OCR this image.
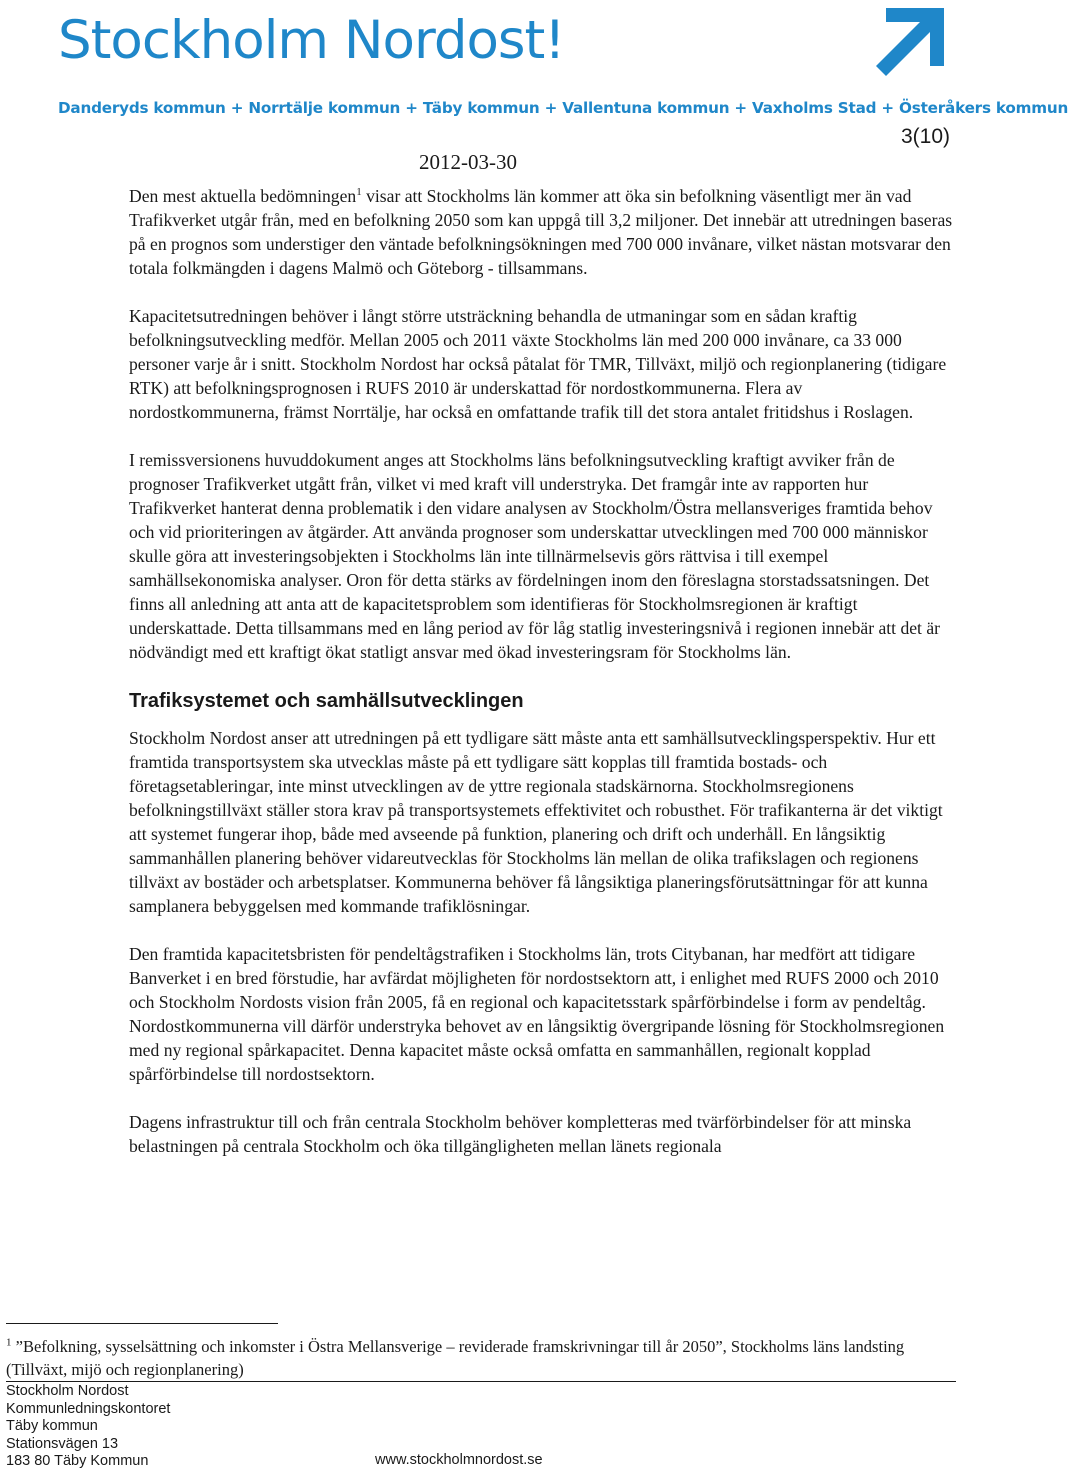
Stockholm Nordost!
Danderyds kommun + Norrtälje kommun + Täby kommun + Vallentuna kommun + Vaxholms Stad + Österåkers kommun
3(10)
2012-03-30

Den mest aktuella bedömningen$^1$ visar att Stockholms län kommer att öka sin befolkning väsentligt mer än vad Trafikverket utgår från, med en befolkning 2050 som kan uppgå till 3,2 miljoner. Det innebär att utredningen baseras på en prognos som understiger den väntade befolkningsökningen med 700 000 invånare, vilket nästan motsvarar den totala folkmängden i dagens Malmö och Göteborg - tillsammans.

Kapacitetsutredningen behöver i långt större utsträckning behandla de utmaningar som en sådan kraftig befolkningsutveckling medför. Mellan 2005 och 2011 växte Stockholms län med 200 000 invånare, ca 33 000 personer varje år i snitt. Stockholm Nordost har också påtalat för TMR, Tillväxt, miljö och regionplanering (tidigare RTK) att befolkningsprognosen i RUFS 2010 är underskattad för nordostkommunerna. Flera av nordostkommunerna, främst Norrtälje, har också en omfattande trafik till det stora antalet fritidshus i Roslagen.

I remissversionens huvuddokument anges att Stockholms läns befolkningsutveckling kraftigt avviker från de prognoser Trafikverket utgått från, vilket vi med kraft vill understryka. Det framgår inte av rapporten hur Trafikverket hanterat denna problematik i den vidare analysen av Stockholm/Östra mellansveriges framtida behov och vid prioriteringen av åtgärder. Att använda prognoser som underskattar utvecklingen med 700 000 människor skulle göra att investeringsobjekten i Stockholms län inte tillnärmelsevis görs rättvisa i till exempel samhällsekonomiska analyser. Oron för detta stärks av fördelningen inom den föreslagna storstadssatsningen. Det finns all anledning att anta att de kapacitetsproblem som identifieras för Stockholmsregionen är kraftigt underskattade. Detta tillsammans med en lång period av för låg statlig investeringsnivå i regionen innebär att det är nödvändigt med ett kraftigt ökat statligt ansvar med ökad investeringsram för Stockholms län.

Trafiksystemet och samhällsutvecklingen

Stockholm Nordost anser att utredningen på ett tydligare sätt måste anta ett samhällsutvecklingsperspektiv. Hur ett framtida transportsystem ska utvecklas måste på ett tydligare sätt kopplas till framtida bostads- och företagsetableringar, inte minst utvecklingen av de yttre regionala stadskärnorna. Stockholmsregionens befolkningstillväxt ställer stora krav på transportsystemets effektivitet och robusthet. För trafikanterna är det viktigt att systemet fungerar ihop, både med avseende på funktion, planering och drift och underhåll. En långsiktig sammanhållen planering behöver vidareutvecklas för Stockholms län mellan de olika trafikslagen och regionens tillväxt av bostäder och arbetsplatser. Kommunerna behöver få långsiktiga planeringsförutsättningar för att kunna samplanera bebyggelsen med kommande trafiklösningar.

Den framtida kapacitetsbristen för pendeltågstrafiken i Stockholms län, trots Citybanan, har medfört att tidigare Banverket i en bred förstudie, har avfärdat möjligheten för nordostsektorn att, i enlighet med RUFS 2000 och 2010 och Stockholm Nordosts vision från 2005, få en regional och kapacitetsstark spårförbindelse i form av pendeltåg. Nordostkommunerna vill därför understryka behovet av en långsiktig övergripande lösning för Stockholmsregionen med ny regional spårkapacitet. Denna kapacitet måste också omfatta en sammanhållen, regionalt kopplad spårförbindelse till nordostsektorn.

Dagens infrastruktur till och från centrala Stockholm behöver kompletteras med tvärförbindelser för att minska belastningen på centrala Stockholm och öka tillgängligheten mellan länets regionala

$^1$ ”Befolkning, sysselsättning och inkomster i Östra Mellansverige – reviderade framskrivningar till år 2050”, Stockholms läns landsting (Tillväxt, mijö och regionplanering)
Stockholm Nordost
Kommunledningskontoret
Täby kommun
Stationsvägen 13
183 80 Täby Kommun	www.stockholmnordost.se
